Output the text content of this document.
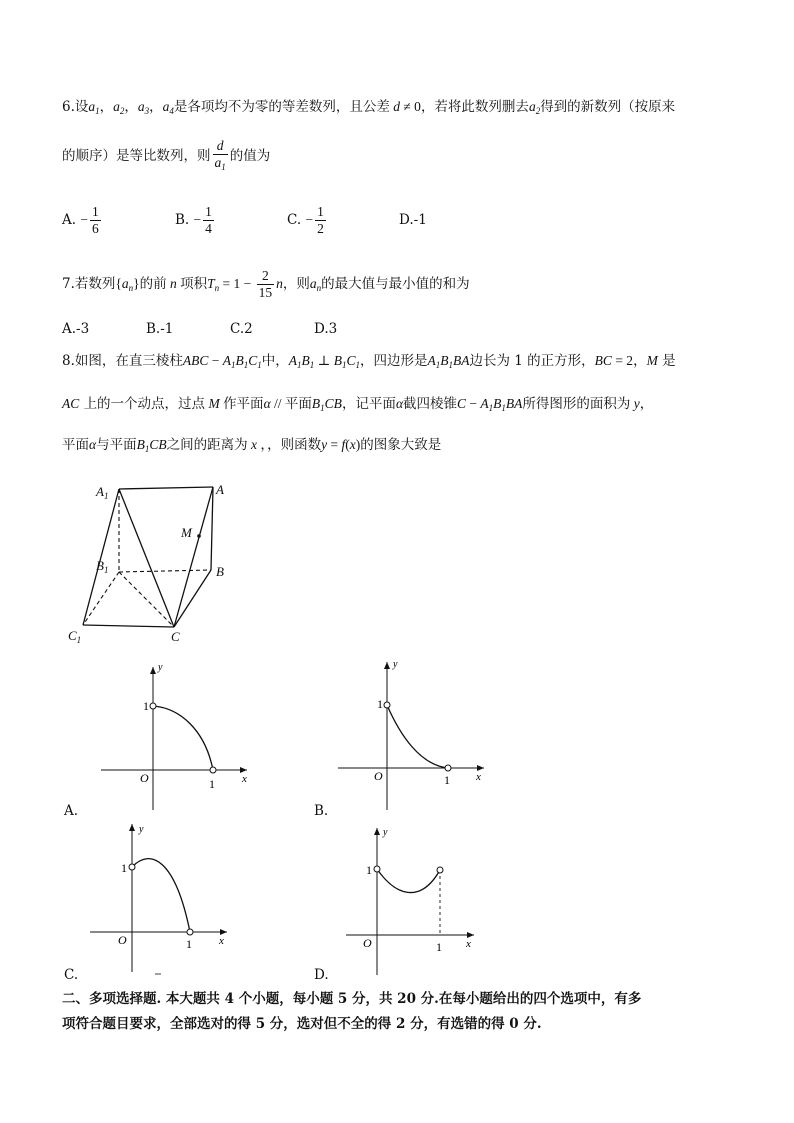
6.设$a_1$，$a_2$，$a_3$，$a_4$是各项均不为零的等差数列，且公差 d ≠ 0，若将此数列删去$a_2$得到的新数列（按原来
的顺序）是等比数列，则 $\frac{d}{a_1}$ 的值为
A. − $\frac{1}{6}$	B. − $\frac{1}{4}$	C. − $\frac{1}{2}$	D.-1
7.若数列$\{a_n\}$的前 n 项积$T_n = 1 - \frac{2}{15}$ n，则$a_n$的最大值与最小值的和为
A.-3	B.-1	C.2	D.3
8.如图，在直三棱柱ABC − $A_1B_1C_1$中，$A_1B_1$ ⊥ $B_1C_1$，四边形是$A_1B_1BA$边长为 1 的正方形，BC = 2，M 是
AC 上的一个动点，过点 M 作平面α // 平面$B_1CB$，记平面α截四棱锥$C - A_1B_1BA$所得图形的面积为 y，
平面α与平面$B_1CB$之间的距离为 x ，，则函数y = f(x)的图象大致是
$A_1$	A
M
$B_1$	B
$C_1$	C
y
1
O	1 x
y
1
O	1 x
y
1
O	1 x
y
1
O	1 x
A.	B.
C.	D.
二、多项选择题. 本大题共 4 个小题，每小题 5 分，共 20 分.在每小题给出的四个选项中，有多
项符合题目要求，全部选对的得 5 分，选对但不全的得 2 分，有选错的得 0 分.
